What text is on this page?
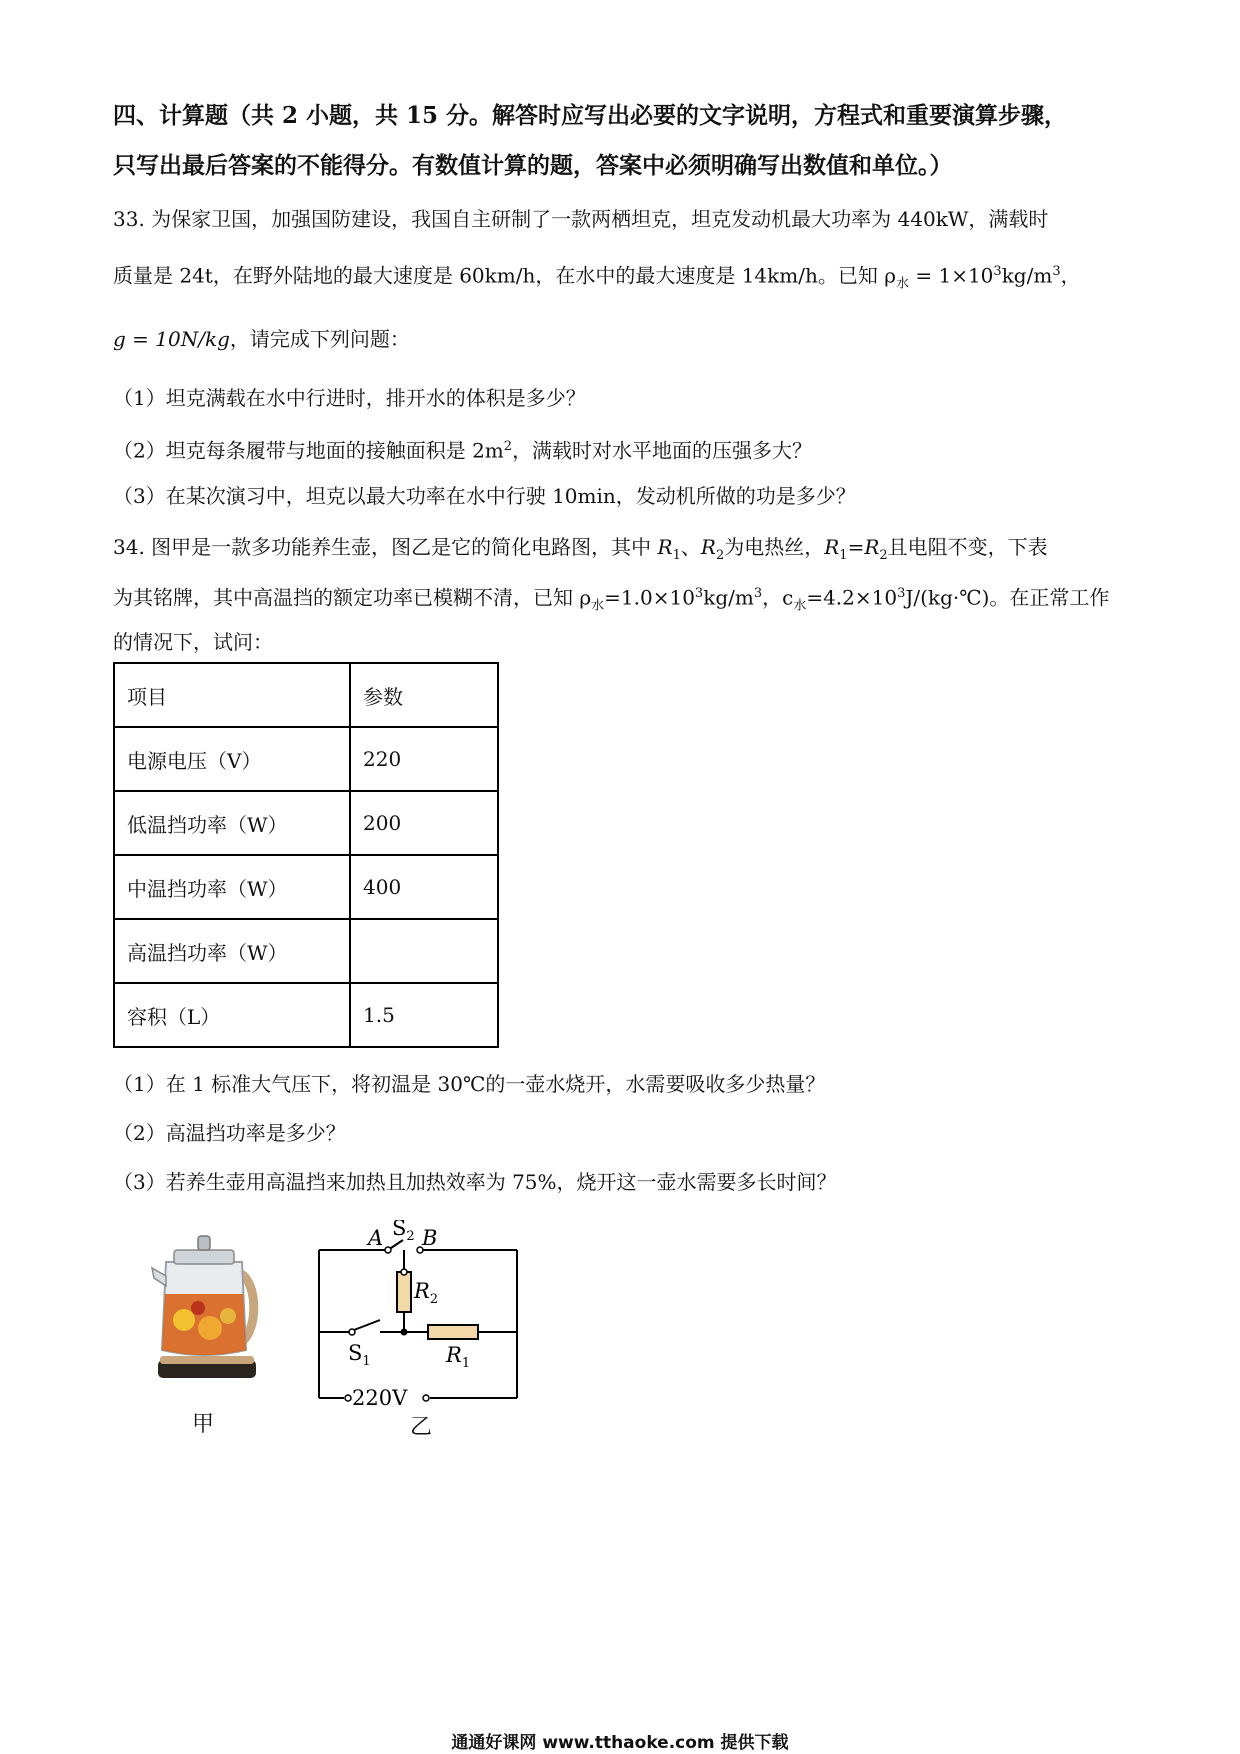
四、计算题（共 2 小题，共 15 分。解答时应写出必要的文字说明，方程式和重要演算步骤，
只写出最后答案的不能得分。有数值计算的题，答案中必须明确写出数值和单位。）
33. 为保家卫国，加强国防建设，我国自主研制了一款两栖坦克，坦克发动机最大功率为 440kW，满载时
质量是 24t，在野外陆地的最大速度是 60km/h，在水中的最大速度是 14km/h。已知 $\rho_水 = 1\times 10^3kg/m^3$，
g = 10N/kg，请完成下列问题：
（1）坦克满载在水中行进时，排开水的体积是多少？
（2）坦克每条履带与地面的接触面积是 $2m^2$，满载时对水平地面的压强多大？
（3）在某次演习中，坦克以最大功率在水中行驶 10min，发动机所做的功是多少？
34. 图甲是一款多功能养生壶，图乙是它的简化电路图，其中 $R_1$、$R_2$为电热丝，$R_1=R_2$且电阻不变，下表
为其铭牌，其中高温挡的额定功率已模糊不清，已知 $\rho_水=1.0\times 10^3kg/m^3$，$c_水=4.2\times 10^3J/(kg\cdot℃)$。在正常工作
的情况下，试问：
项目	参数
电源电压（V）	220
低温挡功率（W）	200
中温挡功率（W）	400
高温挡功率（W）	
容积（L）	1.5
（1）在 1 标准大气压下，将初温是 30℃的一壶水烧开，水需要吸收多少热量？
（2）高温挡功率是多少？
（3）若养生壶用高温挡来加热且加热效率为 75%，烧开这一壶水需要多长时间？
甲
A B
$S_2$
$R_2$
$S_1$	$R_1$
220V
乙
通通好课网 www.tthaoke.com 提供下载
